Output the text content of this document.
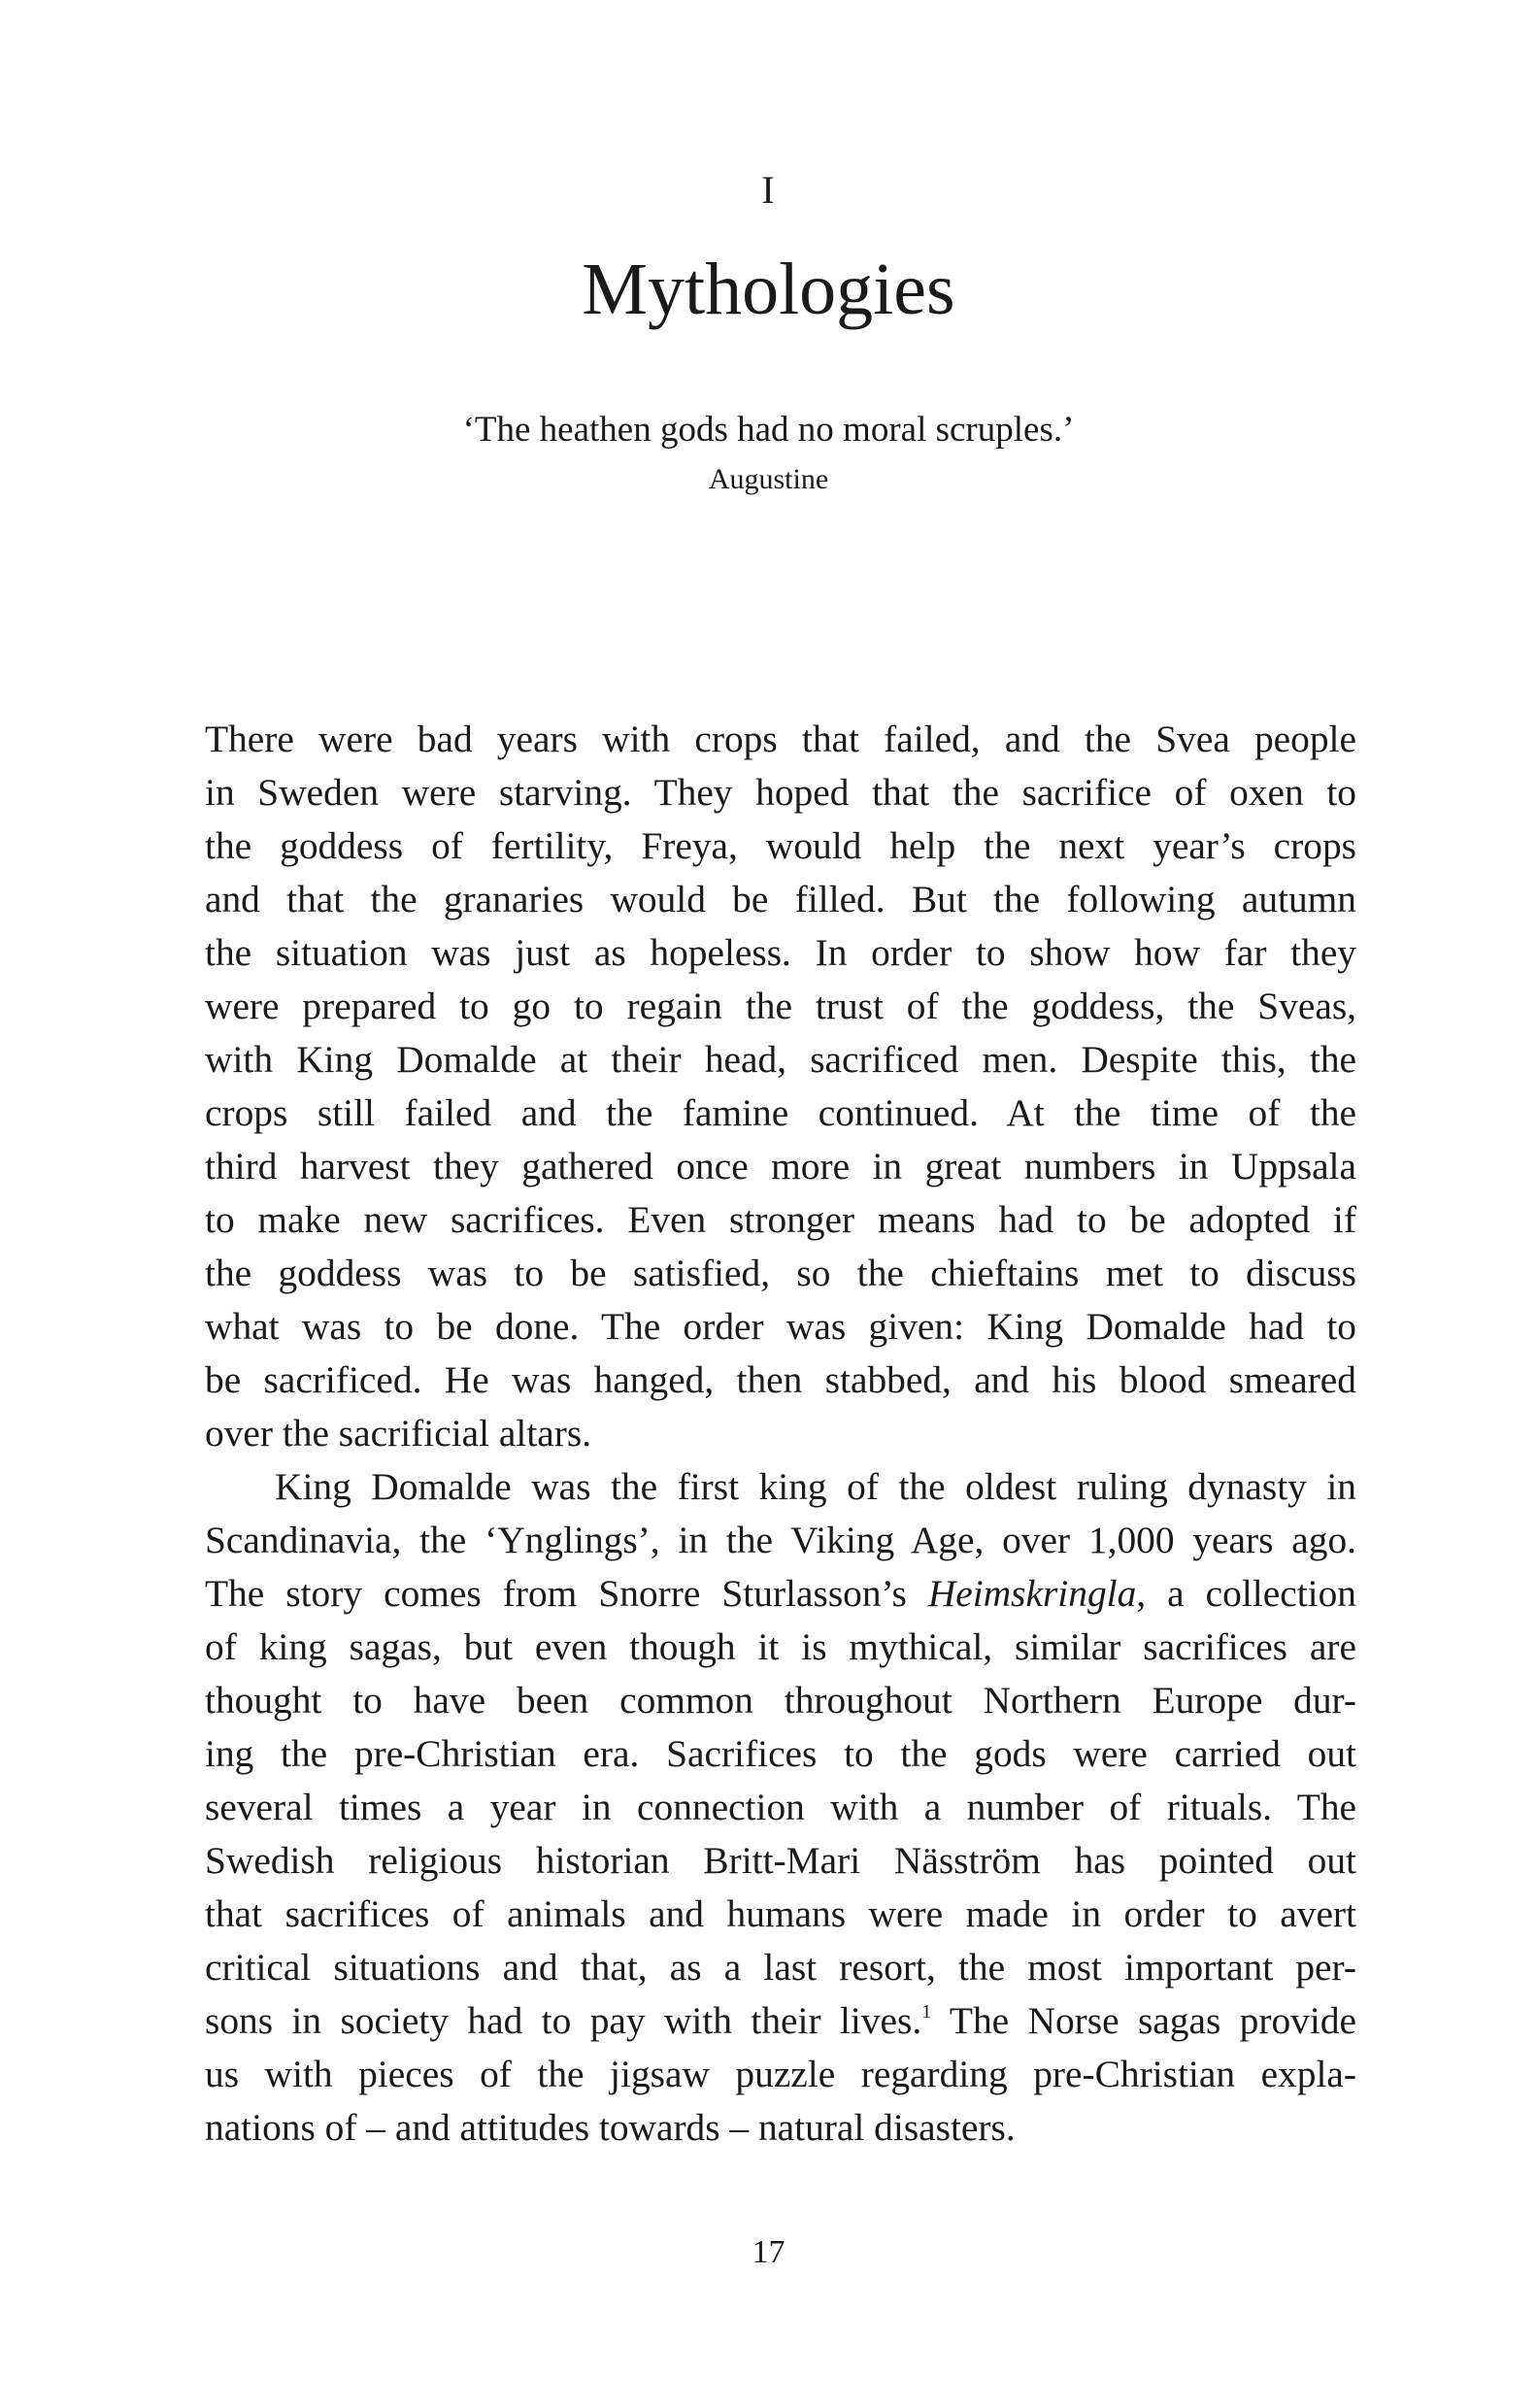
I
Mythologies
‘The heathen gods had no moral scruples.’
Augustine
There were bad years with crops that failed, and the Svea people
in Sweden were starving. They hoped that the sacrifice of oxen to
the goddess of fertility, Freya, would help the next year’s crops
and that the granaries would be filled. But the following autumn
the situation was just as hopeless. In order to show how far they
were prepared to go to regain the trust of the goddess, the Sveas,
with King Domalde at their head, sacrificed men. Despite this, the
crops still failed and the famine continued. At the time of the
third harvest they gathered once more in great numbers in Uppsala
to make new sacrifices. Even stronger means had to be adopted if
the goddess was to be satisfied, so the chieftains met to discuss
what was to be done. The order was given: King Domalde had to
be sacrificed. He was hanged, then stabbed, and his blood smeared
over the sacrificial altars.
King Domalde was the first king of the oldest ruling dynasty in
Scandinavia, the ‘Ynglings’, in the Viking Age, over 1,000 years ago.
The story comes from Snorre Sturlasson’s Heimskringla, a collection
of king sagas, but even though it is mythical, similar sacrifices are
thought to have been common throughout Northern Europe dur-
ing the pre-Christian era. Sacrifices to the gods were carried out
several times a year in connection with a number of rituals. The
Swedish religious historian Britt-Mari Näsström has pointed out
that sacrifices of animals and humans were made in order to avert
critical situations and that, as a last resort, the most important per-
sons in society had to pay with their lives.$^1$ The Norse sagas provide
us with pieces of the jigsaw puzzle regarding pre-Christian expla-
nations of – and attitudes towards – natural disasters.
17
